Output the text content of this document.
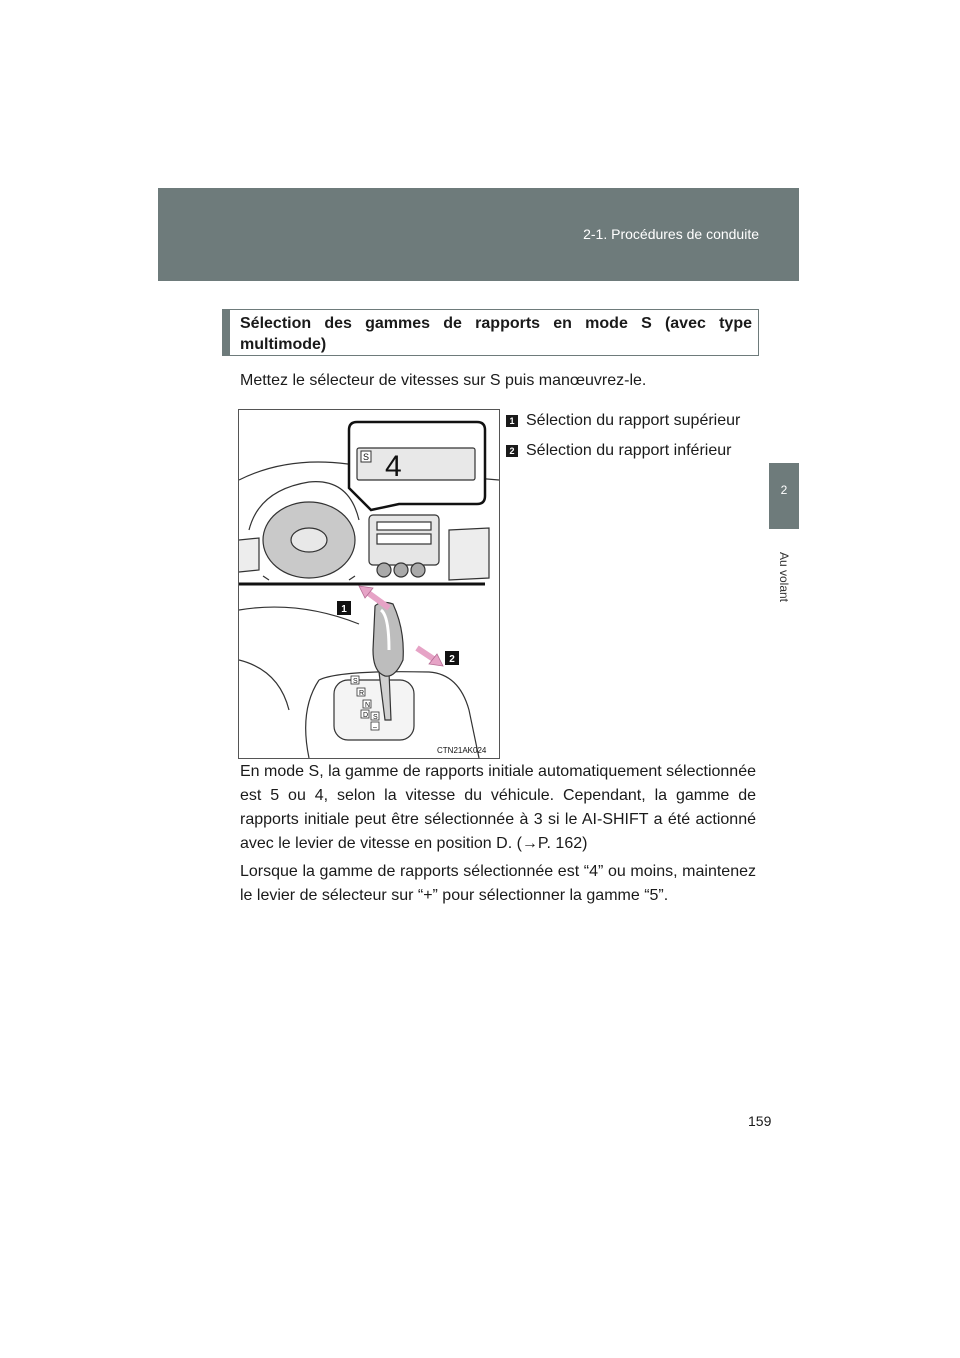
2-1. Procédures de conduite
2
Au volant
Sélection des gammes de rapports en mode S (avec type multimode)
Mettez le sélecteur de vitesses sur S puis manœuvrez-le.
1 Sélection du rapport supérieur
2 Sélection du rapport inférieur
S 4
S
R
N
D S
–
1
2
CTN21AK024
En mode S, la gamme de rapports initiale automatiquement sélectionnée est 5 ou 4, selon la vitesse du véhicule. Cependant, la gamme de rapports initiale peut être sélectionnée à 3 si le AI-SHIFT a été actionné avec le levier de vitesse en position D. (→P. 162)
Lorsque la gamme de rapports sélectionnée est “4” ou moins, maintenez le levier de sélecteur sur “+” pour sélectionner la gamme “5”.
159
